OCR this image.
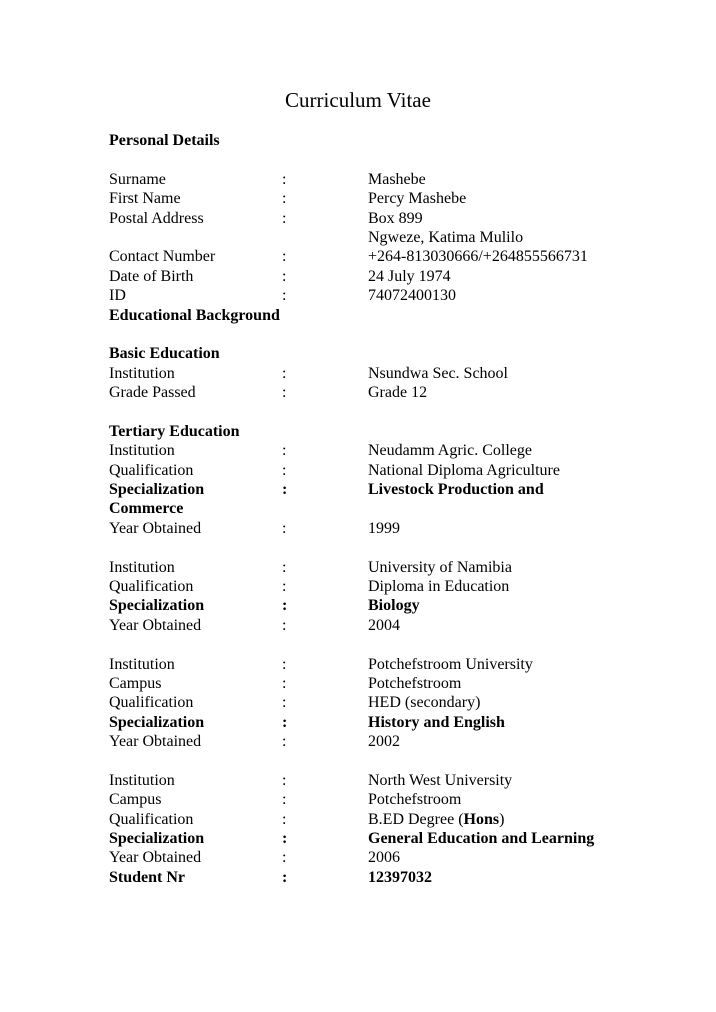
Curriculum Vitae
Personal Details
Surname	:	Mashebe
First Name	:	Percy Mashebe
Postal Address	:	Box 899
Ngweze, Katima Mulilo
Contact Number	:	+264-813030666/+264855566731
Date of Birth	:	24 July 1974
ID	:	74072400130
Educational Background
Basic Education
Institution	:	Nsundwa Sec. School
Grade Passed	:	Grade 12
Tertiary Education
Institution	:	Neudamm Agric. College
Qualification	:	National Diploma Agriculture
Specialization	:	Livestock Production and
Commerce
Year Obtained	:	1999
Institution	:	University of Namibia
Qualification	:	Diploma in Education
Specialization	:	Biology
Year Obtained	:	2004
Institution	:	Potchefstroom University
Campus	:	Potchefstroom
Qualification	:	HED (secondary)
Specialization	:	History and English
Year Obtained	:	2002
Institution	:	North West University
Campus	:	Potchefstroom
Qualification	:	B.ED Degree (Hons)
Specialization	:	General Education and Learning
Year Obtained	:	2006
Student Nr	:	12397032
